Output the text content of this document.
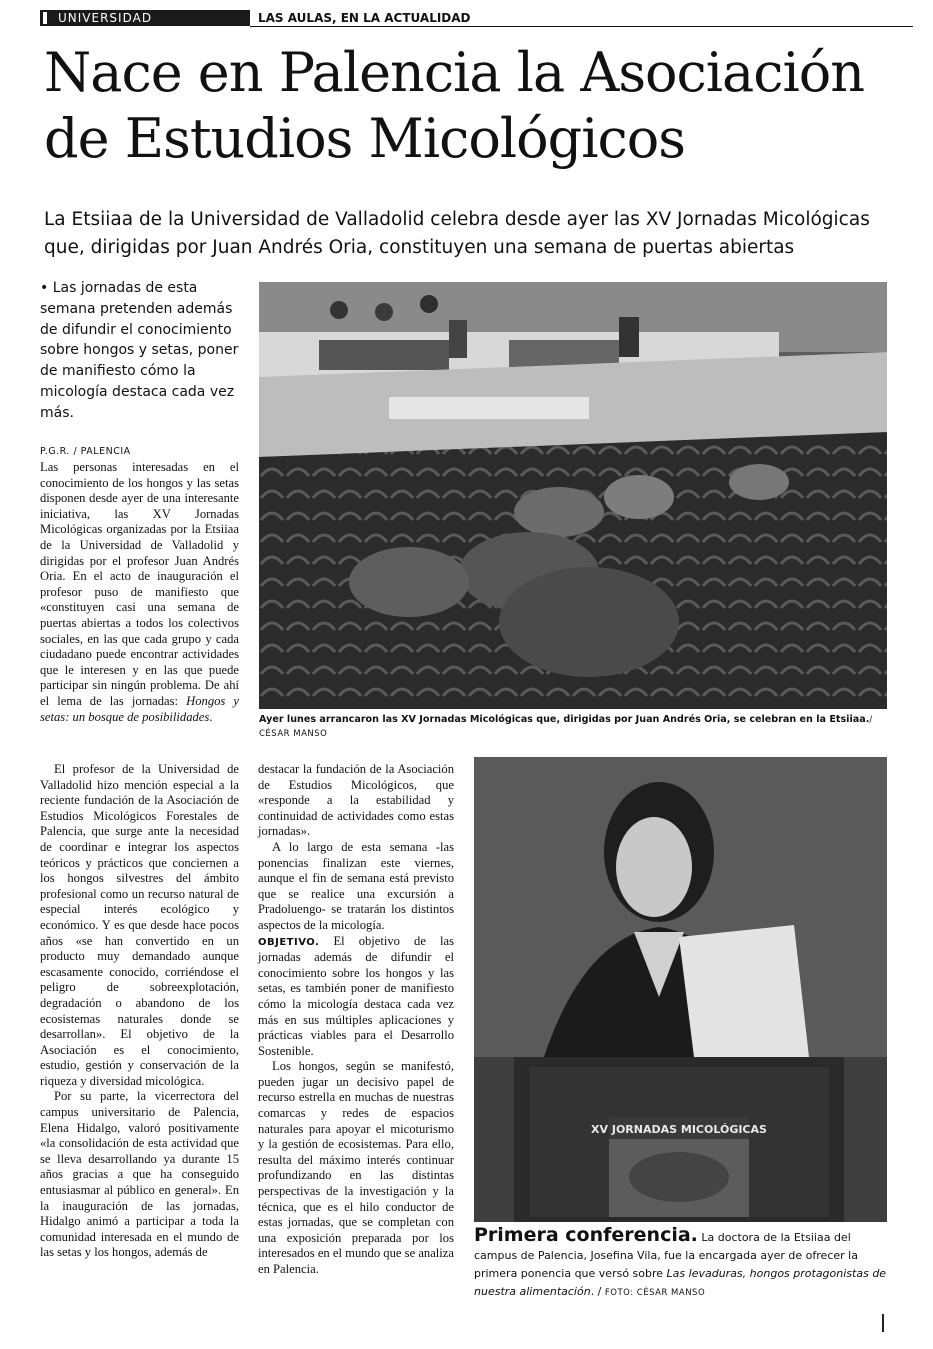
UNIVERSIDAD	LAS AULAS, EN LA ACTUALIDAD
Nace en Palencia la Asociación
de Estudios Micológicos

La Etsiiaa de la Universidad de Valladolid celebra desde ayer las XV Jornadas Micológicas
que, dirigidas por Juan Andrés Oria, constituyen una semana de puertas abiertas

• Las jornadas de esta semana pretenden además de difundir el conocimiento sobre hongos y setas, poner de manifiesto cómo la micología destaca cada vez más.

P.G.R. / PALENCIA

Las personas interesadas en el conocimiento de los hongos y las setas disponen desde ayer de una interesante iniciativa, las XV Jornadas Micológicas organizadas por la Etsiiaa de la Universidad de Valladolid y dirigidas por el profesor Juan Andrés Oria. En el acto de inauguración el profesor puso de manifiesto que «constituyen casi una semana de puertas abiertas a todos los colectivos sociales, en las que cada grupo y cada ciudadano puede encontrar actividades que le interesen y en las que puede participar sin ningún problema. De ahí el lema de las jornadas: Hongos y setas: un bosque de posibilidades.

El profesor de la Universidad de Valladolid hizo mención especial a la reciente fundación de la Asociación de Estudios Micológicos Forestales de Palencia, que surge ante la necesidad de coordinar e integrar los aspectos teóricos y prácticos que conciernen a los hongos silvestres del ámbito profesional como un recurso natural de especial interés ecológico y económico. Y es que desde hace pocos años «se han convertido en un producto muy demandado aunque escasamente conocido, corriéndose el peligro de sobreexplotación, degradación o abandono de los ecosistemas naturales donde se desarrollan». El objetivo de la Asociación es el conocimiento, estudio, gestión y conservación de la riqueza y diversidad micológica.

Por su parte, la vicerrectora del campus universitario de Palencia, Elena Hidalgo, valoró positivamente «la consolidación de esta actividad que se lleva desarrollando ya durante 15 años gracias a que ha conseguido entusiasmar al público en general». En la inauguración de las jornadas, Hidalgo animó a participar a toda la comunidad interesada en el mundo de las setas y los hongos, además de

destacar la fundación de la Asociación de Estudios Micológicos, que «responde a la estabilidad y continuidad de actividades como estas jornadas».

A lo largo de esta semana -las ponencias finalizan este viernes, aunque el fin de semana está previsto que se realice una excursión a Pradoluengo- se tratarán los distintos aspectos de la micología.

OBJETIVO. El objetivo de las jornadas además de difundir el conocimiento sobre los hongos y las setas, es también poner de manifiesto cómo la micología destaca cada vez más en sus múltiples aplicaciones y prácticas viables para el Desarrollo Sostenible.

Los hongos, según se manifestó, pueden jugar un decisivo papel de recurso estrella en muchas de nuestras comarcas y redes de espacios naturales para apoyar el micoturismo y la gestión de ecosistemas. Para ello, resulta del máximo interés continuar profundizando en las distintas perspectivas de la investigación y la técnica, que es el hilo conductor de estas jornadas, que se completan con una exposición preparada por los interesados en el mundo que se analiza en Palencia.

Ayer lunes arrancaron las XV Jornadas Micológicas que, dirigidas por Juan Andrés Oria, se celebran en la Etsiiaa./ CÉSAR MANSO
XV JORNADAS MICOLÓGICAS
Primera conferencia. La doctora de la Etsiiaa del campus de Palencia, Josefina Vila, fue la encargada ayer de ofrecer la primera ponencia que versó sobre Las levaduras, hongos protagonistas de nuestra alimentación. / FOTO: CÉSAR MANSO
